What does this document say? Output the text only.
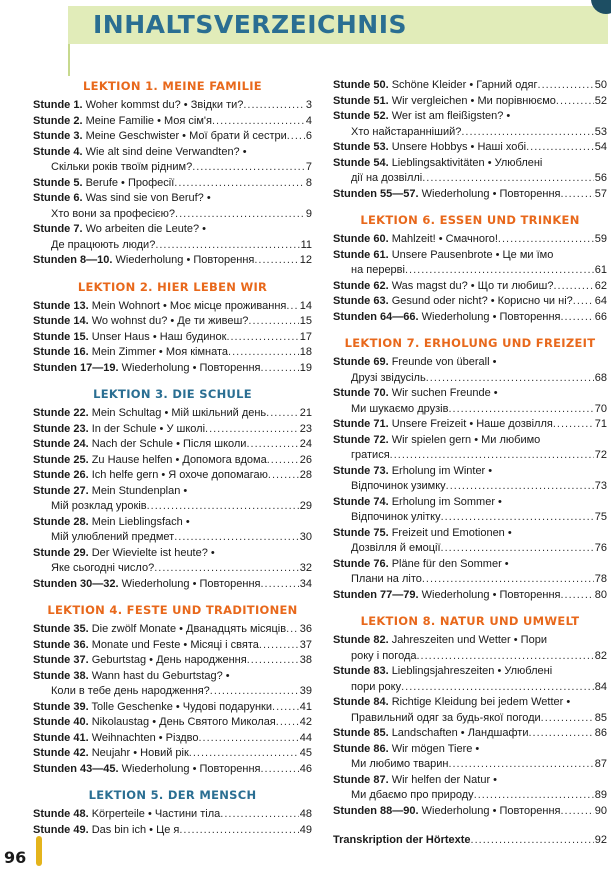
INHALTSVERZEICHNIS
LEKTION 1. MEINE FAMILIE
Stunde 1. Woher kommst du? • Звідки ти? .....	3
Stunde 2. Meine Familie • Моя сім'я .....	4
Stunde 3. Meine Geschwister • Мої брати й сестри ..... 6
Stunde 4. Wie alt sind deine Verwandten? •
Скільки років твоїм рідним? .....	7
Stunde 5. Berufe • Професії .....	8
Stunde 6. Was sind sie von Beruf? •
Хто вони за професією? .....	9
Stunde 7. Wo arbeiten die Leute? •
Де працюють люди? .....	11
Stunden 8—10. Wiederholung • Повторення .....	12
LEKTION 2. HIER LEBEN WIR
Stunde 13. Mein Wohnort • Моє місце проживання ..... 14
Stunde 14. Wo wohnst du? • Де ти живеш? .....	15
Stunde 15. Unser Haus • Наш будинок .....	17
Stunde 16. Mein Zimmer • Моя кімната .....	18
Stunden 17—19. Wiederholung • Повторення .....	19
LEKTION 3. DIE SCHULE
Stunde 22. Mein Schultag • Мій шкільний день .....	21
Stunde 23. In der Schule • У школі .....	23
Stunde 24. Nach der Schule • Після школи .....	24
Stunde 25. Zu Hause helfen • Допомога вдома .....	26
Stunde 26. Ich helfe gern • Я охоче допомагаю .....	28
Stunde 27. Mein Stundenplan •
Мій розклад уроків .....	29
Stunde 28. Mein Lieblingsfach •
Мій улюблений предмет .....	30
Stunde 29. Der Wievielte ist heute? •
Яке сьогодні число? .....	32
Stunden 30—32. Wiederholung • Повторення .....	34
LEKTION 4. FESTE UND TRADITIONEN
Stunde 35. Die zwölf Monate • Дванадцять місяців ..... 36
Stunde 36. Monate und Feste • Місяці і свята .....	37
Stunde 37. Geburtstag • День народження .....	38
Stunde 38. Wann hast du Geburtstag? •
Коли в тебе день народження? .....	39
Stunde 39. Tolle Geschenke • Чудові подарунки .....	41
Stunde 40. Nikolaustag • День Святого Миколая ..... 42
Stunde 41. Weihnachten • Різдво .....	44
Stunde 42. Neujahr • Новий рік .....	45
Stunden 43—45. Wiederholung • Повторення .....	46
LEKTION 5. DER MENSCH
Stunde 48. Körperteile • Частини тіла .....	48
Stunde 49. Das bin ich • Це я .....	49
Stunde 50. Schöne Kleider • Гарний одяг .....	50
Stunde 51. Wir vergleichen • Ми порівнюємо .....	52
Stunde 52. Wer ist am fleißigsten? •
Хто найстаранніший? .....	53
Stunde 53. Unsere Hobbys • Наші хобі .....	54
Stunde 54. Lieblingsaktivitäten • Улюблені
дії на дозвіллі .....	56
Stunden 55—57. Wiederholung • Повторення .....	57
LEKTION 6. ESSEN UND TRINKEN
Stunde 60. Mahlzeit! • Смачного! .....	59
Stunde 61. Unsere Pausenbrote • Це ми їмо
на перерві .....	61
Stunde 62. Was magst du? • Що ти любиш? .....	62
Stunde 63. Gesund oder nicht? • Корисно чи ні? ..... 64
Stunden 64—66. Wiederholung • Повторення .....	66
LEKTION 7. ERHOLUNG UND FREIZEIT
Stunde 69. Freunde von überall •
Друзі звідусіль .....	68
Stunde 70. Wir suchen Freunde •
Ми шукаємо друзів .....	70
Stunde 71. Unsere Freizeit • Наше дозвілля .....	71
Stunde 72. Wir spielen gern • Ми любимо
гратися .....	72
Stunde 73. Erholung im Winter •
Відпочинок узимку .....	73
Stunde 74. Erholung im Sommer •
Відпочинок улітку .....	75
Stunde 75. Freizeit und Emotionen •
Дозвілля й емоції .....	76
Stunde 76. Pläne für den Sommer •
Плани на літо .....	78
Stunden 77—79. Wiederholung • Повторення .....	80
LEKTION 8. NATUR UND UMWELT
Stunde 82. Jahreszeiten und Wetter • Пори
року і погода .....	82
Stunde 83. Lieblingsjahreszeiten • Улюблені
пори року .....	84
Stunde 84. Richtige Kleidung bei jedem Wetter •
Правильний одяг за будь-якої погоди .....	85
Stunde 85. Landschaften • Ландшафти .....	86
Stunde 86. Wir mögen Tiere •
Ми любимо тварин .....	87
Stunde 87. Wir helfen der Natur •
Ми дбаємо про природу .....	89
Stunden 88—90. Wiederholung • Повторення .....	90
Transkription der Hörtexte .....	92
96
